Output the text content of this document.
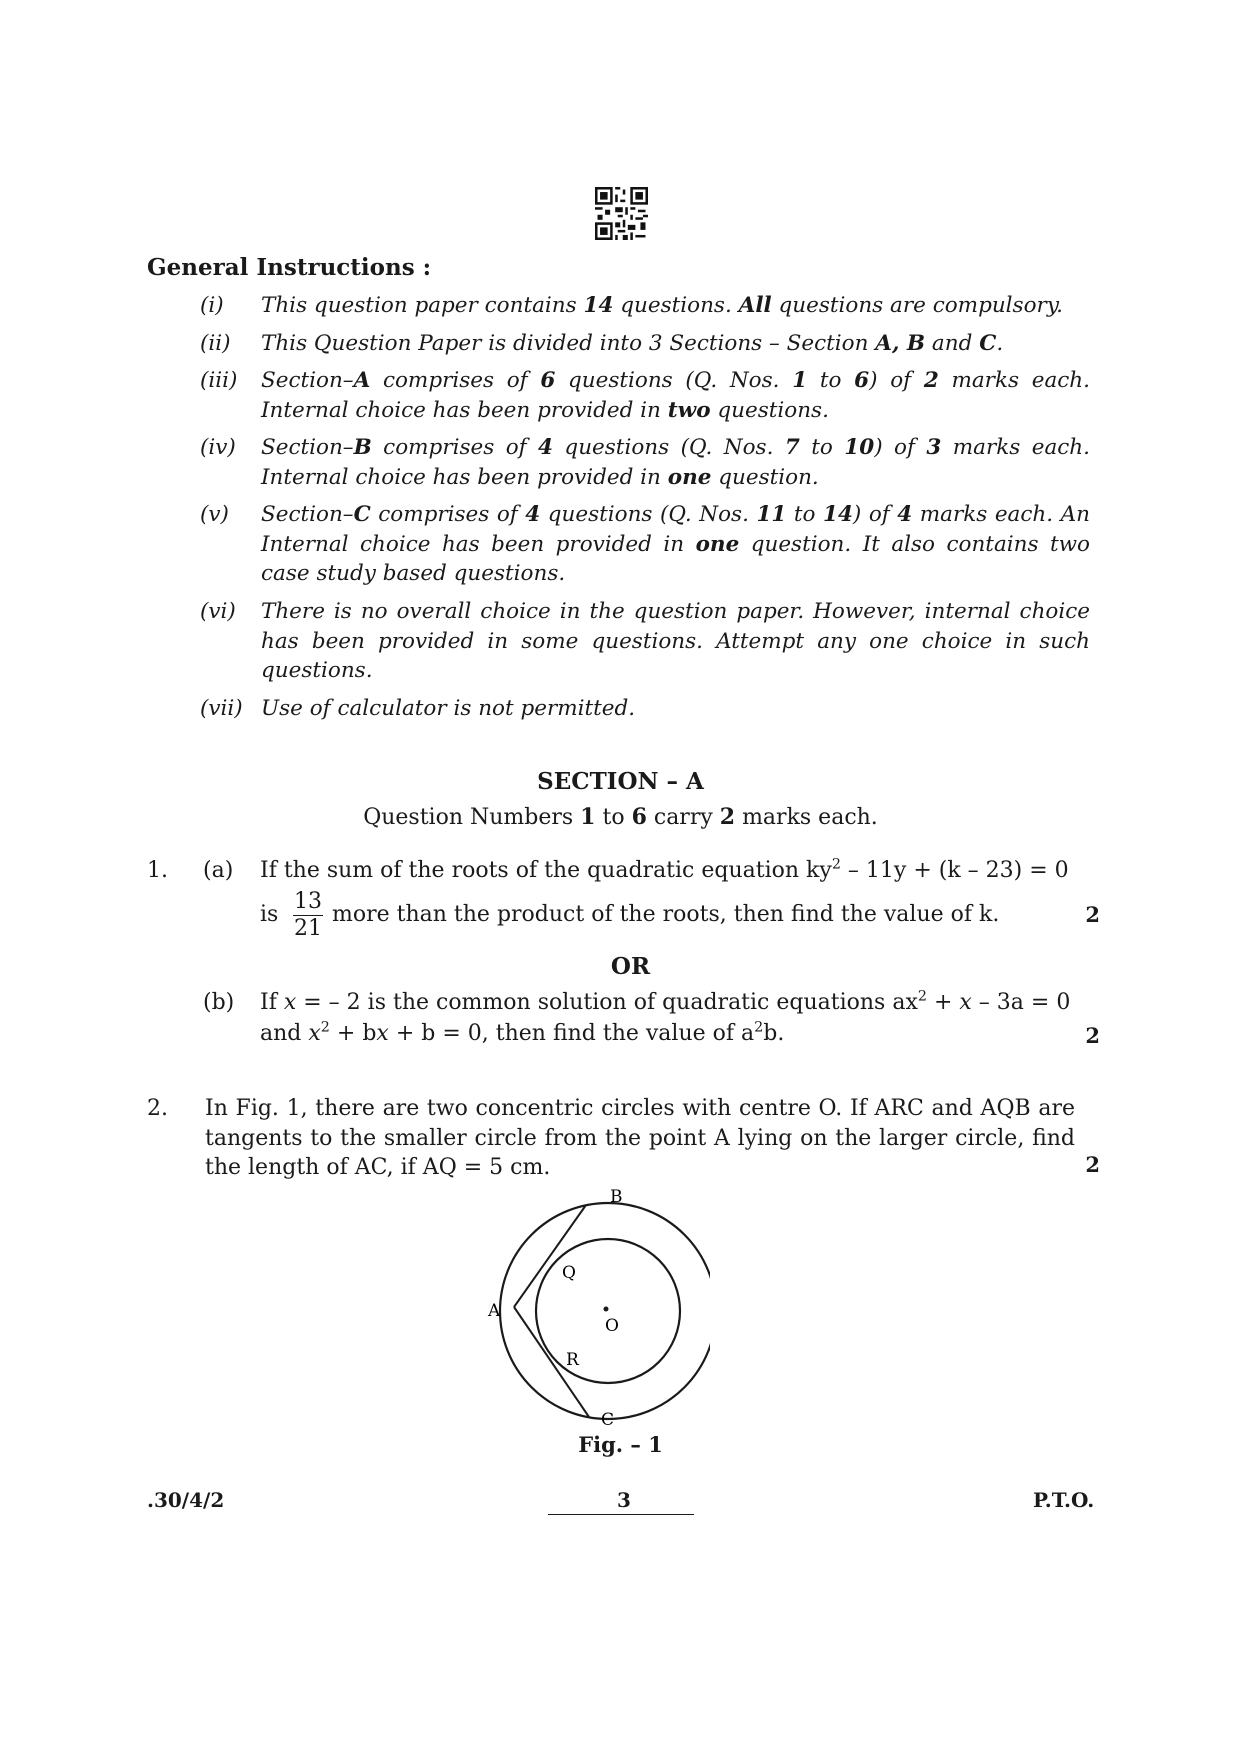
General Instructions :
(i) This question paper contains 14 questions. All questions are compulsory.
(ii) This Question Paper is divided into 3 Sections – Section A, B and C.
(iii) Section–A comprises of 6 questions (Q. Nos. 1 to 6) of 2 marks each. Internal choice has been provided in two questions.
(iv) Section–B comprises of 4 questions (Q. Nos. 7 to 10) of 3 marks each. Internal choice has been provided in one question.
(v) Section–C comprises of 4 questions (Q. Nos. 11 to 14) of 4 marks each. An Internal choice has been provided in one question. It also contains two case study based questions.
(vi) There is no overall choice in the question paper. However, internal choice has been provided in some questions. Attempt any one choice in such questions.
(vii) Use of calculator is not permitted.
SECTION – A
Question Numbers 1 to 6 carry 2 marks each.
1. (a) If the sum of the roots of the quadratic equation $ky^2 - 11y + (k - 23) = 0$
is
13
21
more than the product of the roots, then find the value of k.	2
OR
(b) If x = – 2 is the common solution of quadratic equations $ax^2 + x - 3a = 0$
and $x^2$ + bx + b = 0, then find the value of $a^2b$.	2
2. In Fig. 1, there are two concentric circles with centre O. If ARC and AQB are tangents to the smaller circle from the point A lying on the larger circle, find the length of AC, if AQ = 5 cm.	2
B
A
Q
O
R
C
Fig. – 1
.30/4/2	3	P.T.O.
